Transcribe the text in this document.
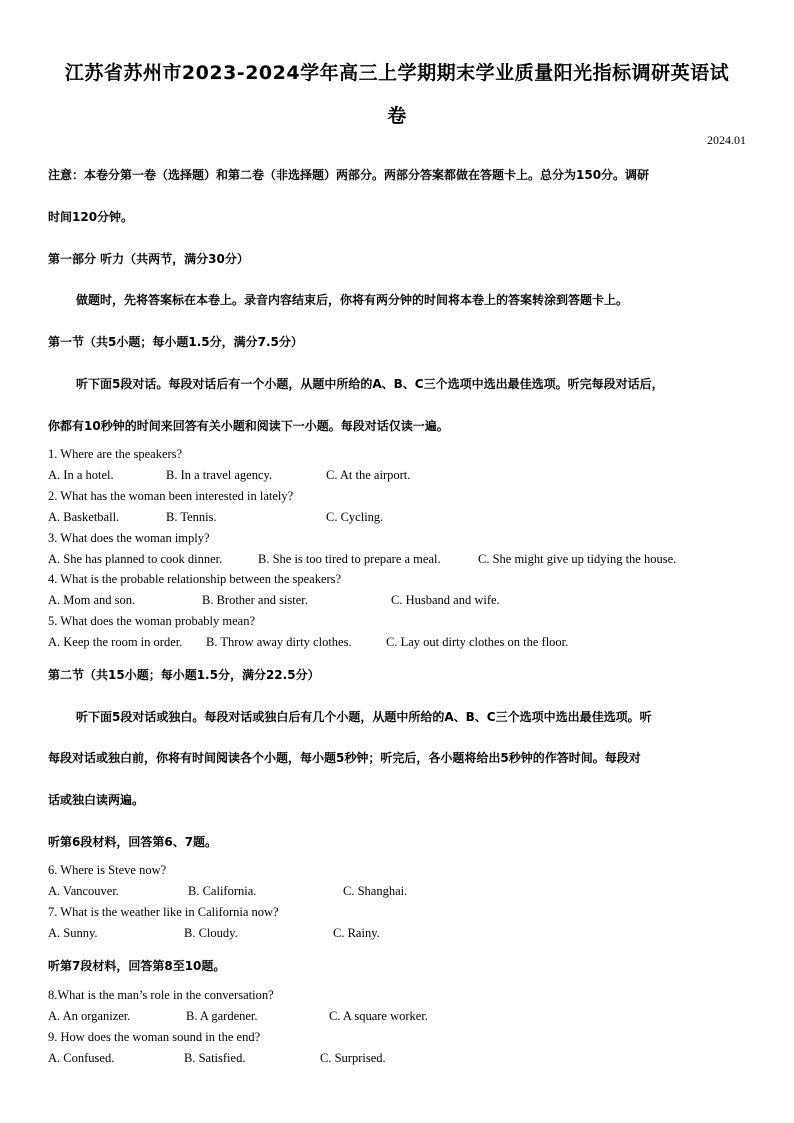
江苏省苏州市2023-2024学年高三上学期期末学业质量阳光指标调研英语试
卷
2024.01
注意：本卷分第一卷（选择题）和第二卷（非选择题）两部分。两部分答案都做在答题卡上。总分为150分。调研
时间120分钟。
第一部分 听力（共两节，满分30分）
做题时，先将答案标在本卷上。录音内容结束后，你将有两分钟的时间将本卷上的答案转涂到答题卡上。
第一节（共5小题；每小题1.5分，满分7.5分）
听下面5段对话。每段对话后有一个小题，从题中所给的A、B、C三个选项中选出最佳选项。听完每段对话后，
你都有10秒钟的时间来回答有关小题和阅读下一小题。每段对话仅读一遍。
1. Where are the speakers?
A. In a hotel.	B. In a travel agency.	C. At the airport.
2. What has the woman been interested in lately?
A. Basketball.	B. Tennis.	C. Cycling.
3. What does the woman imply?
A. She has planned to cook dinner.	B. She is too tired to prepare a meal.	C. She might give up tidying the house.
4. What is the probable relationship between the speakers?
A. Mom and son.	B. Brother and sister.	C. Husband and wife.
5. What does the woman probably mean?
A. Keep the room in order. B. Throw away dirty clothes.	C. Lay out dirty clothes on the floor.
第二节（共15小题；每小题1.5分，满分22.5分）
听下面5段对话或独白。每段对话或独白后有几个小题，从题中所给的A、B、C三个选项中选出最佳选项。听
每段对话或独白前，你将有时间阅读各个小题，每小题5秒钟；听完后，各小题将给出5秒钟的作答时间。每段对
话或独白读两遍。
听第6段材料，回答第6、7题。
6. Where is Steve now?
A. Vancouver.	B. California.	C. Shanghai.
7. What is the weather like in California now?
A. Sunny.	B. Cloudy.	C. Rainy.
听第7段材料，回答第8至10题。
8.What is the man’s role in the conversation?
A. An organizer.	B. A gardener.	C. A square worker.
9. How does the woman sound in the end?
A. Confused.	B. Satisfied.	C. Surprised.
